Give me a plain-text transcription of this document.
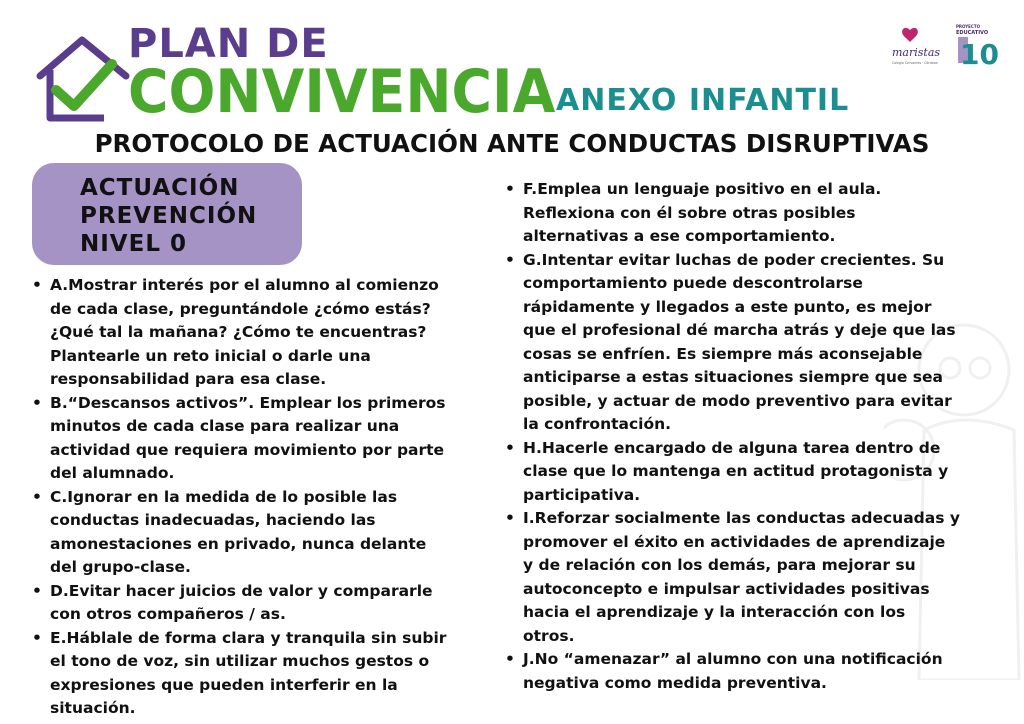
PLAN DE
CONVIVENCIA ANEXO INFANTIL
PROTOCOLO DE ACTUACIÓN ANTE CONDUCTAS DISRUPTIVAS
maristas
Colegio Cervantes · Córdoba
PROYECTO
EDUCATIVO
10
ACTUACIÓN
PREVENCIÓN
NIVEL 0
• A.Mostrar interés por el alumno al comienzo de cada clase, preguntándole ¿cómo estás? ¿Qué tal la mañana? ¿Cómo te encuentras? Plantearle un reto inicial o darle una responsabilidad para esa clase.
• B.“Descansos activos”. Emplear los primeros minutos de cada clase para realizar una actividad que requiera movimiento por parte del alumnado.
• C.Ignorar en la medida de lo posible las conductas inadecuadas, haciendo las amonestaciones en privado, nunca delante del grupo-clase.
• D.Evitar hacer juicios de valor y compararle con otros compañeros / as.
• E.Háblale de forma clara y tranquila sin subir el tono de voz, sin utilizar muchos gestos o expresiones que pueden interferir en la situación.
• F.Emplea un lenguaje positivo en el aula. Reflexiona con él sobre otras posibles alternativas a ese comportamiento.
• G.Intentar evitar luchas de poder crecientes. Su comportamiento puede descontrolarse rápidamente y llegados a este punto, es mejor que el profesional dé marcha atrás y deje que las cosas se enfríen. Es siempre más aconsejable anticiparse a estas situaciones siempre que sea posible, y actuar de modo preventivo para evitar la confrontación.
• H.Hacerle encargado de alguna tarea dentro de clase que lo mantenga en actitud protagonista y participativa.
• I.Reforzar socialmente las conductas adecuadas y promover el éxito en actividades de aprendizaje y de relación con los demás, para mejorar su autoconcepto e impulsar actividades positivas hacia el aprendizaje y la interacción con los otros.
• J.No “amenazar” al alumno con una notificación negativa como medida preventiva.
